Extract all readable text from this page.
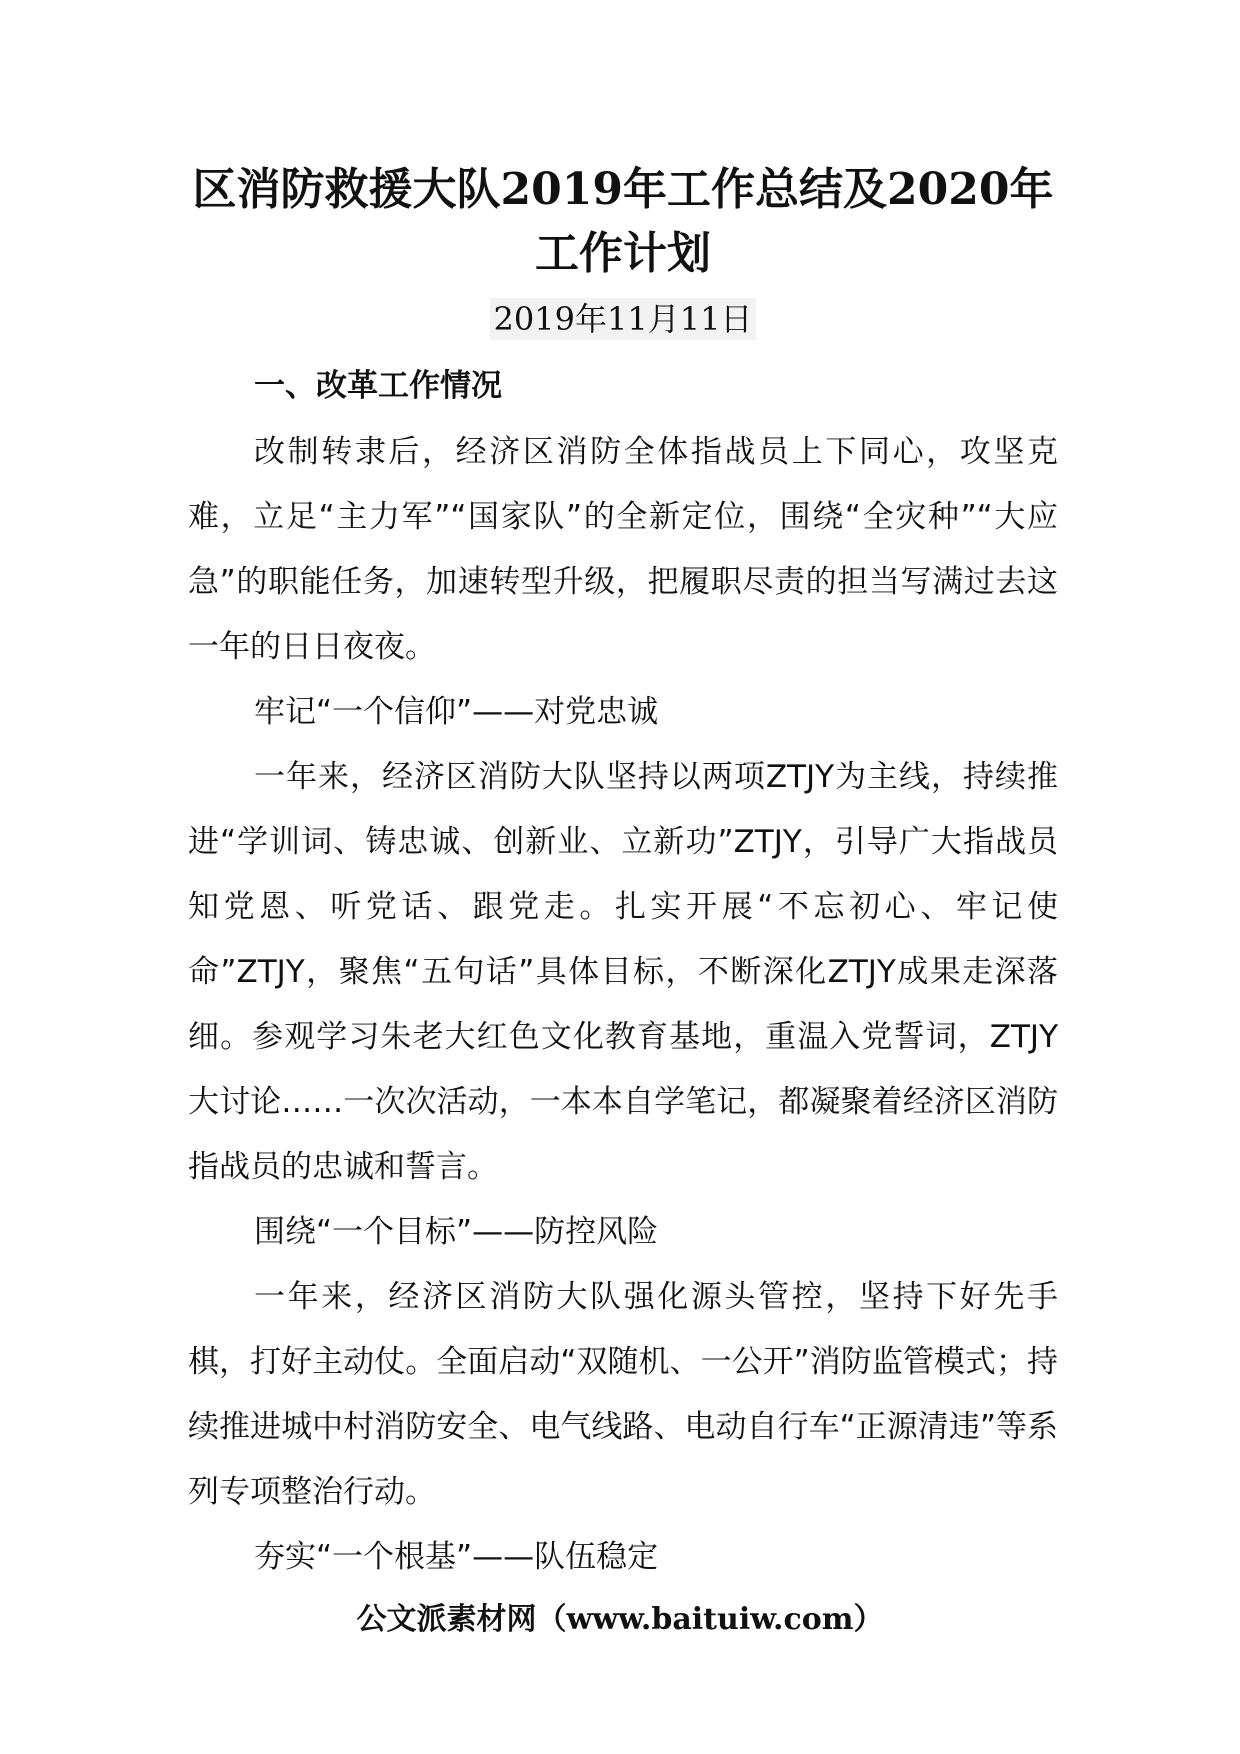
区消防救援大队2019年工作总结及2020年
工作计划
2019年11月11日

一、改革工作情况

改制转隶后，经济区消防全体指战员上下同心，攻坚克难，立足“主力军”“国家队”的全新定位，围绕“全灾种”“大应急”的职能任务，加速转型升级，把履职尽责的担当写满过去这一年的日日夜夜。

牢记“一个信仰”——对党忠诚

一年来，经济区消防大队坚持以两项ZTJY为主线，持续推进“学训词、铸忠诚、创新业、立新功”ZTJY，引导广大指战员知党恩、听党话、跟党走。扎实开展“不忘初心、牢记使命”ZTJY，聚焦“五句话”具体目标，不断深化ZTJY成果走深落细。参观学习朱老大红色文化教育基地，重温入党誓词，ZTJY大讨论……一次次活动，一本本自学笔记，都凝聚着经济区消防指战员的忠诚和誓言。

围绕“一个目标”——防控风险

一年来，经济区消防大队强化源头管控，坚持下好先手棋，打好主动仗。全面启动“双随机、一公开”消防监管模式；持续推进城中村消防安全、电气线路、电动自行车“正源清违”等系列专项整治行动。

夯实“一个根基”——队伍稳定

公文派素材网（www.baituiw.com）
